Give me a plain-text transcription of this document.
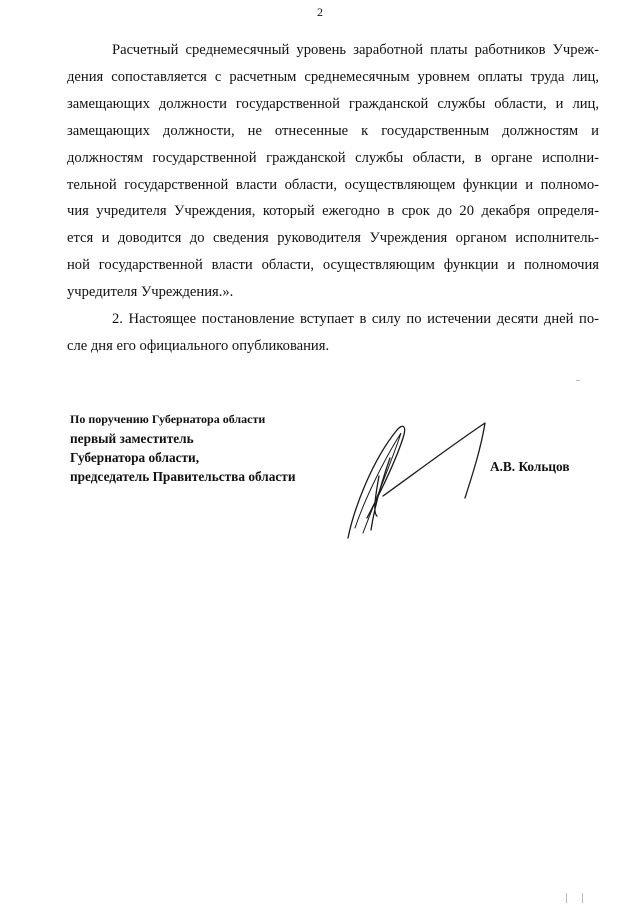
2
Расчетный среднемесячный уровень заработной платы работников Учреж-
дения сопоставляется с расчетным среднемесячным уровнем оплаты труда лиц,
замещающих должности государственной гражданской службы области, и лиц,
замещающих должности, не отнесенные к государственным должностям и
должностям государственной гражданской службы области, в органе исполни-
тельной государственной власти области, осуществляющем функции и полномо-
чия учредителя Учреждения, который ежегодно в срок до 20 декабря определя-
ется и доводится до сведения руководителя Учреждения органом исполнитель-
ной государственной власти области, осуществляющим функции и полномочия
учредителя Учреждения.».
2. Настоящее постановление вступает в силу по истечении десяти дней по-
сле дня его официального опубликования.
По поручению Губернатора области
первый заместитель
Губернатора области,
председатель Правительства области
А.В. Кольцов
